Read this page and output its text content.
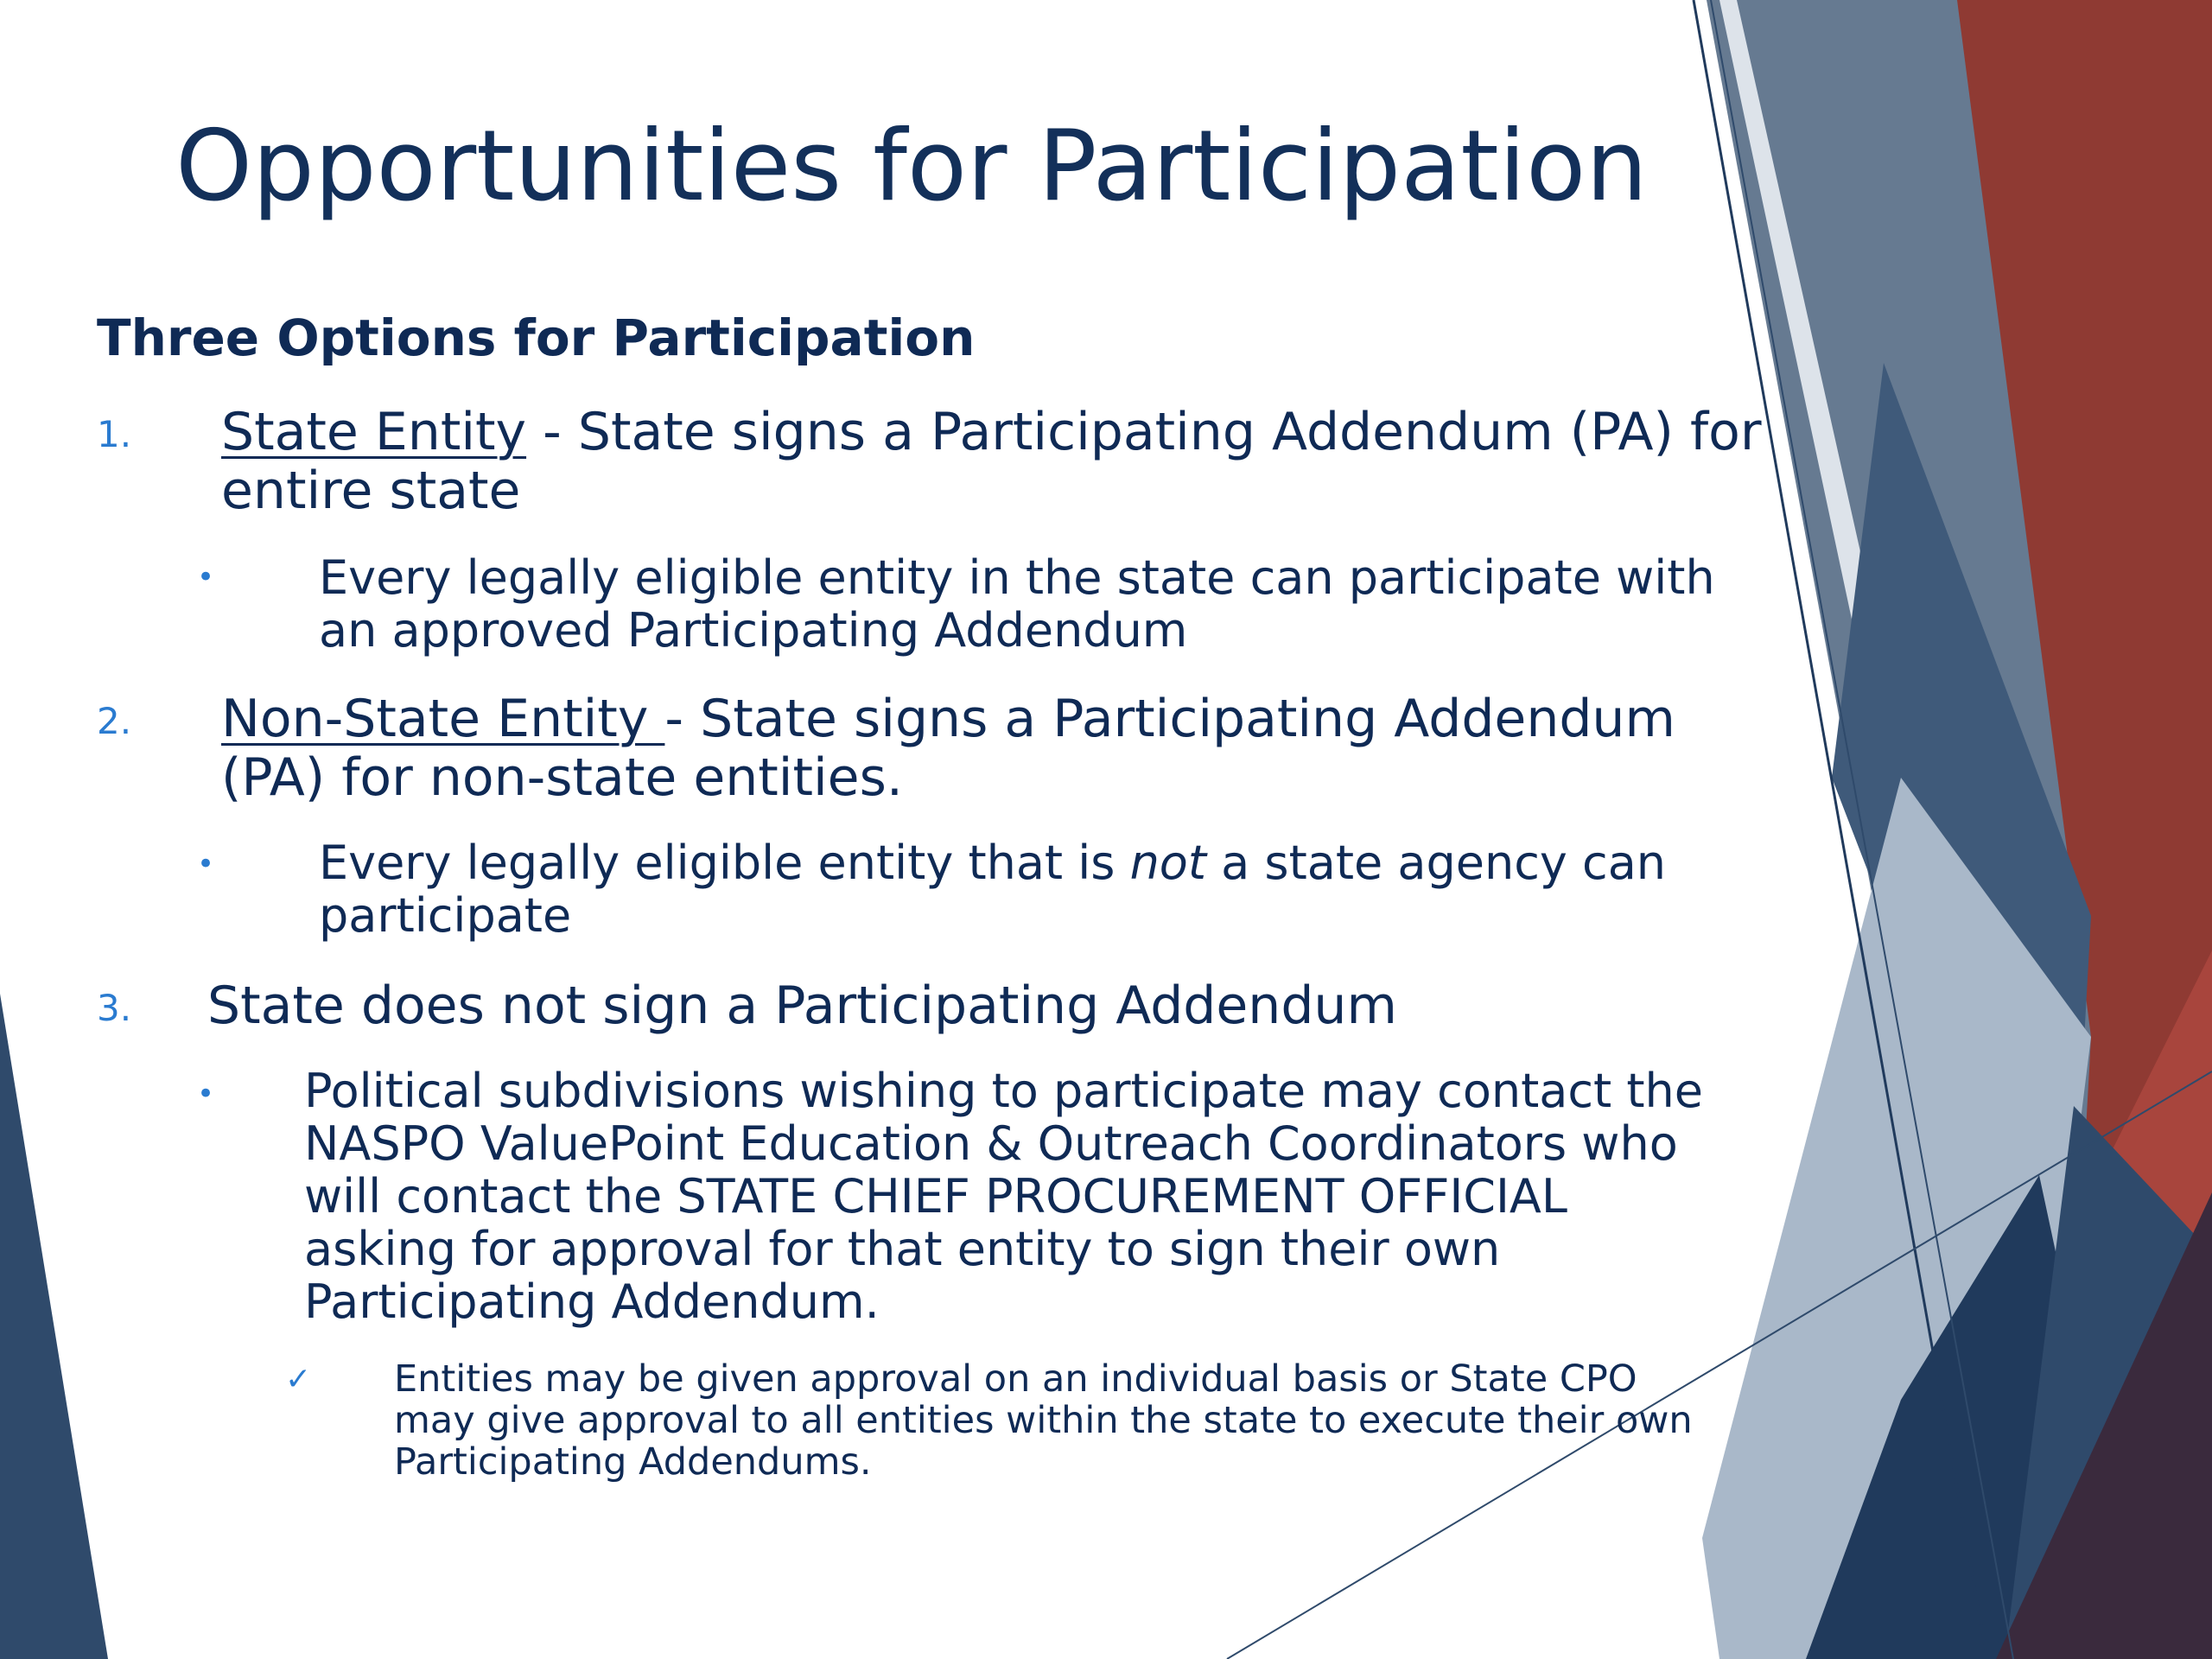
Opportunities for Participation
Three Options for Participation
1. State Entity - State signs a Participating Addendum (PA) for entire state
• Every legally eligible entity in the state can participate with an approved Participating Addendum
2. Non-State Entity - State signs a Participating Addendum (PA) for non-state entities.
• Every legally eligible entity that is not a state agency can participate
3. State does not sign a Participating Addendum
• Political subdivisions wishing to participate may contact the NASPO ValuePoint Education & Outreach Coordinators who will contact the STATE CHIEF PROCUREMENT OFFICIAL asking for approval for that entity to sign their own Participating Addendum.
✓ Entities may be given approval on an individual basis or State CPO may give approval to all entities within the state to execute their own Participating Addendums.
